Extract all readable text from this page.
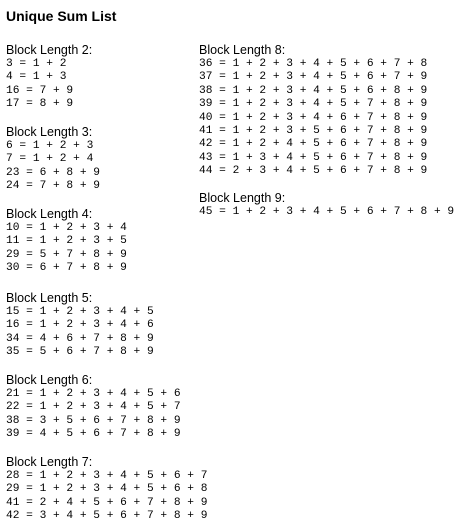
Unique Sum List
Block Length 2:
3 = 1 + 2
4 = 1 + 3
16 = 7 + 9
17 = 8 + 9
Block Length 3:
6 = 1 + 2 + 3
7 = 1 + 2 + 4
23 = 6 + 8 + 9
24 = 7 + 8 + 9
Block Length 4:
10 = 1 + 2 + 3 + 4
11 = 1 + 2 + 3 + 5
29 = 5 + 7 + 8 + 9
30 = 6 + 7 + 8 + 9
Block Length 5:
15 = 1 + 2 + 3 + 4 + 5
16 = 1 + 2 + 3 + 4 + 6
34 = 4 + 6 + 7 + 8 + 9
35 = 5 + 6 + 7 + 8 + 9
Block Length 6:
21 = 1 + 2 + 3 + 4 + 5 + 6
22 = 1 + 2 + 3 + 4 + 5 + 7
38 = 3 + 5 + 6 + 7 + 8 + 9
39 = 4 + 5 + 6 + 7 + 8 + 9
Block Length 7:
28 = 1 + 2 + 3 + 4 + 5 + 6 + 7
29 = 1 + 2 + 3 + 4 + 5 + 6 + 8
41 = 2 + 4 + 5 + 6 + 7 + 8 + 9
42 = 3 + 4 + 5 + 6 + 7 + 8 + 9
Block Length 8:
36 = 1 + 2 + 3 + 4 + 5 + 6 + 7 + 8
37 = 1 + 2 + 3 + 4 + 5 + 6 + 7 + 9
38 = 1 + 2 + 3 + 4 + 5 + 6 + 8 + 9
39 = 1 + 2 + 3 + 4 + 5 + 7 + 8 + 9
40 = 1 + 2 + 3 + 4 + 6 + 7 + 8 + 9
41 = 1 + 2 + 3 + 5 + 6 + 7 + 8 + 9
42 = 1 + 2 + 4 + 5 + 6 + 7 + 8 + 9
43 = 1 + 3 + 4 + 5 + 6 + 7 + 8 + 9
44 = 2 + 3 + 4 + 5 + 6 + 7 + 8 + 9
Block Length 9:
45 = 1 + 2 + 3 + 4 + 5 + 6 + 7 + 8 + 9
